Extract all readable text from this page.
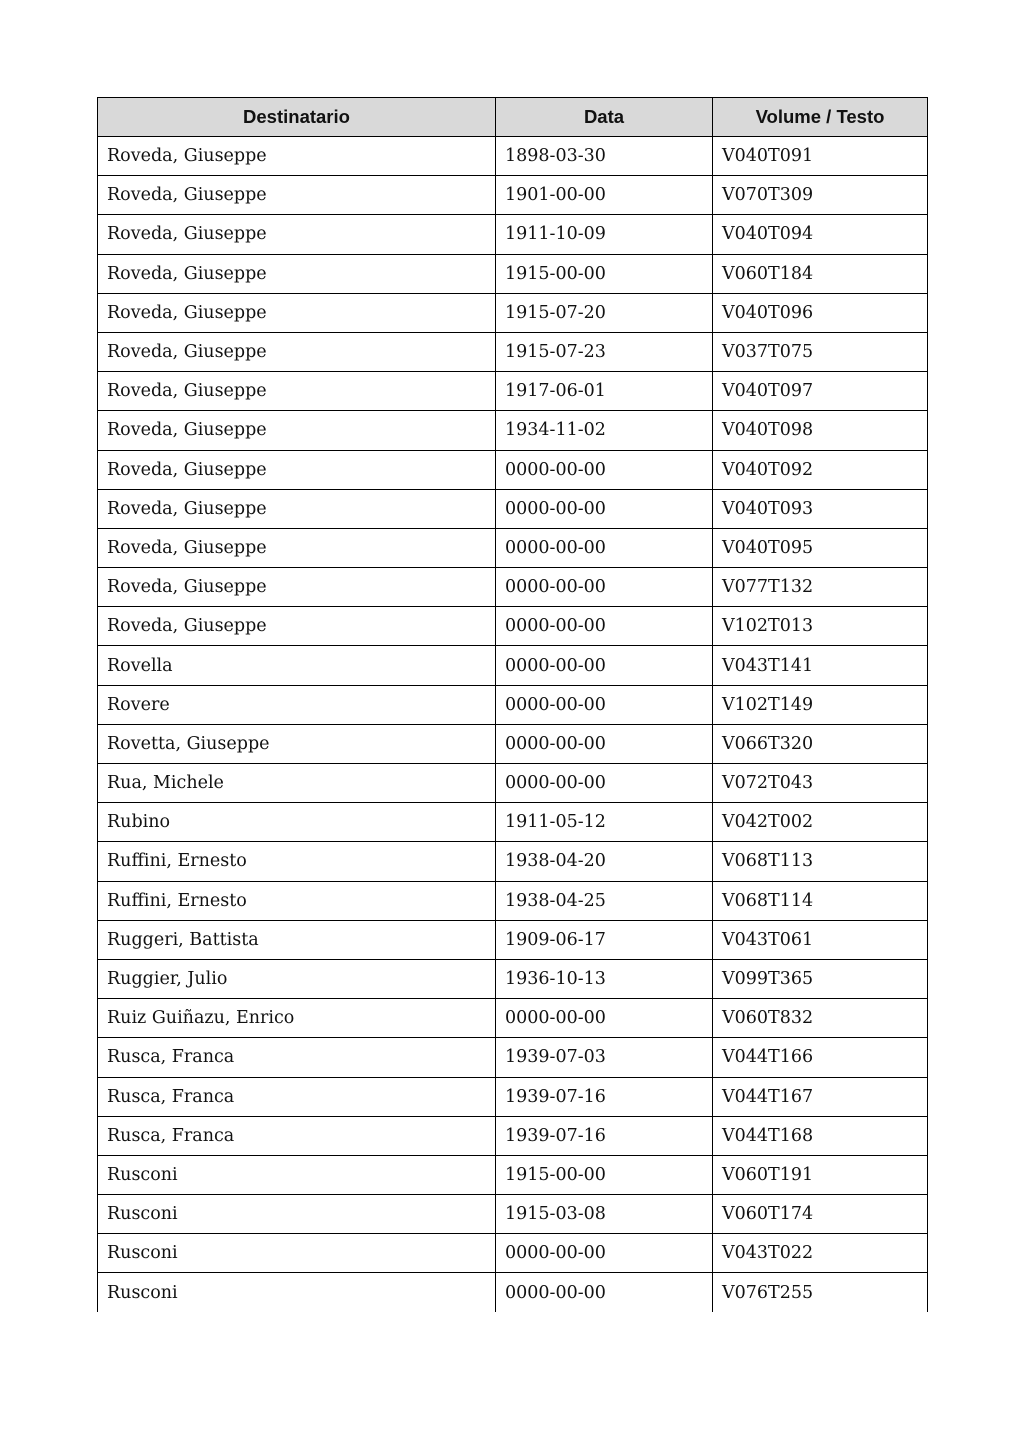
Destinatario	Data	Volume / Testo
Roveda, Giuseppe	1898-03-30	V040T091
Roveda, Giuseppe	1901-00-00	V070T309
Roveda, Giuseppe	1911-10-09	V040T094
Roveda, Giuseppe	1915-00-00	V060T184
Roveda, Giuseppe	1915-07-20	V040T096
Roveda, Giuseppe	1915-07-23	V037T075
Roveda, Giuseppe	1917-06-01	V040T097
Roveda, Giuseppe	1934-11-02	V040T098
Roveda, Giuseppe	0000-00-00	V040T092
Roveda, Giuseppe	0000-00-00	V040T093
Roveda, Giuseppe	0000-00-00	V040T095
Roveda, Giuseppe	0000-00-00	V077T132
Roveda, Giuseppe	0000-00-00	V102T013
Rovella	0000-00-00	V043T141
Rovere	0000-00-00	V102T149
Rovetta, Giuseppe	0000-00-00	V066T320
Rua, Michele	0000-00-00	V072T043
Rubino	1911-05-12	V042T002
Ruffini, Ernesto	1938-04-20	V068T113
Ruffini, Ernesto	1938-04-25	V068T114
Ruggeri, Battista	1909-06-17	V043T061
Ruggier, Julio	1936-10-13	V099T365
Ruiz Guiñazu, Enrico	0000-00-00	V060T832
Rusca, Franca	1939-07-03	V044T166
Rusca, Franca	1939-07-16	V044T167
Rusca, Franca	1939-07-16	V044T168
Rusconi	1915-00-00	V060T191
Rusconi	1915-03-08	V060T174
Rusconi	0000-00-00	V043T022
Rusconi	0000-00-00	V076T255
